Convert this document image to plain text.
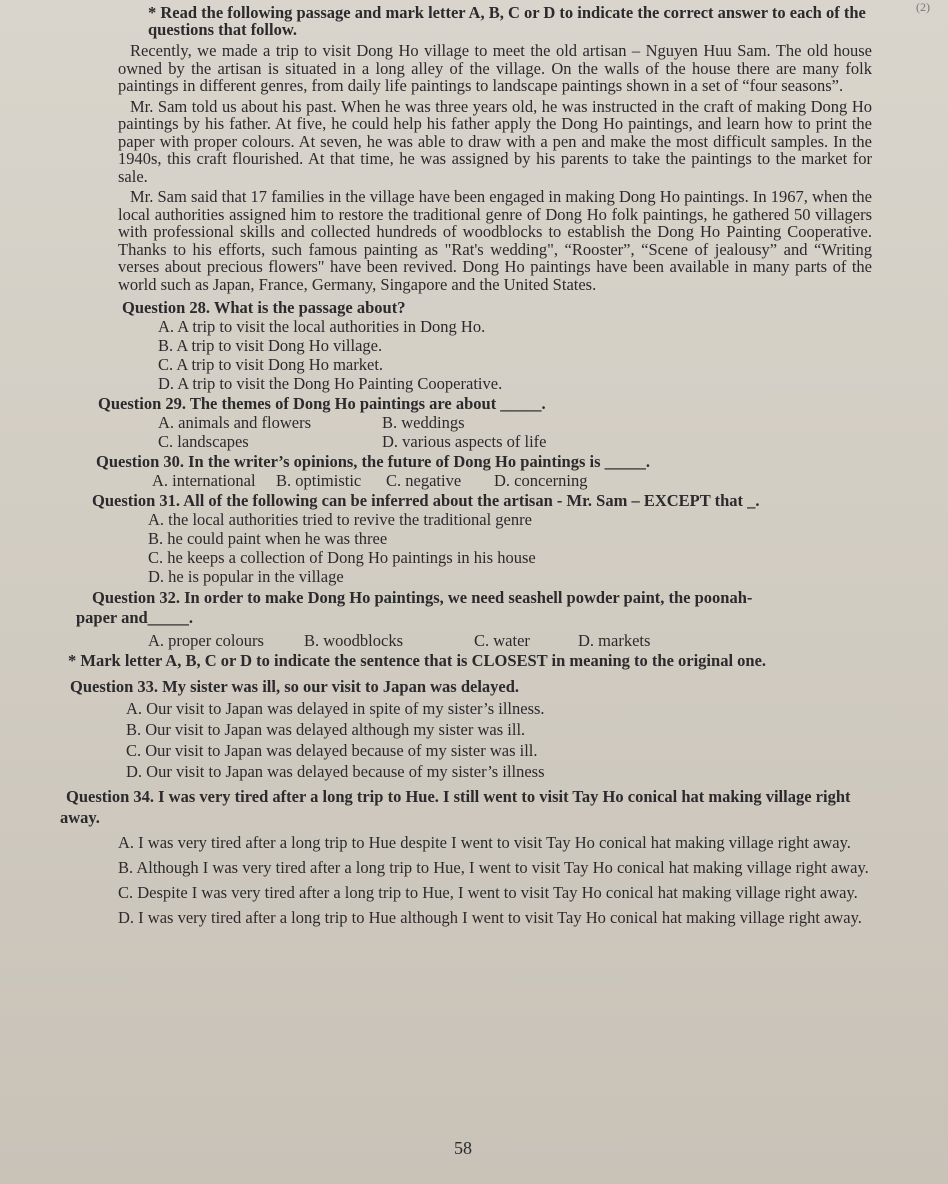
(2)
* Read the following passage and mark letter A, B, C or D to indicate the correct answer to each of the questions that follow.

Recently, we made a trip to visit Dong Ho village to meet the old artisan – Nguyen Huu Sam. The old house owned by the artisan is situated in a long alley of the village. On the walls of the house there are many folk paintings in different genres, from daily life paintings to landscape paintings shown in a set of “four seasons”.

Mr. Sam told us about his past. When he was three years old, he was instructed in the craft of making Dong Ho paintings by his father. At five, he could help his father apply the Dong Ho paintings, and learn how to print the paper with proper colours. At seven, he was able to draw with a pen and make the most difficult samples. In the 1940s, this craft flourished. At that time, he was assigned by his parents to take the paintings to the market for sale.

Mr. Sam said that 17 families in the village have been engaged in making Dong Ho paintings. In 1967, when the local authorities assigned him to restore the traditional genre of Dong Ho folk paintings, he gathered 50 villagers with professional skills and collected hundreds of woodblocks to establish the Dong Ho Painting Cooperative. Thanks to his efforts, such famous painting as "Rat's wedding", “Rooster”, “Scene of jealousy” and “Writing verses about precious flowers" have been revived. Dong Ho paintings have been available in many parts of the world such as Japan, France, Germany, Singapore and the United States.

Question 28. What is the passage about?
A. A trip to visit the local authorities in Dong Ho.
B. A trip to visit Dong Ho village.
C. A trip to visit Dong Ho market.
D. A trip to visit the Dong Ho Painting Cooperative.
Question 29. The themes of Dong Ho paintings are about _____.
A. animals and flowers	B. weddings
C. landscapes	D. various aspects of life
Question 30. In the writer’s opinions, the future of Dong Ho paintings is _____.
A. international	B. optimistic	C. negative	D. concerning
Question 31. All of the following can be inferred about the artisan - Mr. Sam – EXCEPT that _.
A. the local authorities tried to revive the traditional genre
B. he could paint when he was three
C. he keeps a collection of Dong Ho paintings in his house
D. he is popular in the village
Question 32. In order to make Dong Ho paintings, we need seashell powder paint, the poonah-
paper and_____.
A. proper colours	B. woodblocks	C. water	D. markets
* Mark letter A, B, C or D to indicate the sentence that is CLOSEST in meaning to the original one.
Question 33. My sister was ill, so our visit to Japan was delayed.
A. Our visit to Japan was delayed in spite of my sister’s illness.
B. Our visit to Japan was delayed although my sister was ill.
C. Our visit to Japan was delayed because of my sister was ill.
D. Our visit to Japan was delayed because of my sister’s illness
Question 34. I was very tired after a long trip to Hue. I still went to visit Tay Ho conical hat making village right away.
A. I was very tired after a long trip to Hue despite I went to visit Tay Ho conical hat making village right away.
B. Although I was very tired after a long trip to Hue, I went to visit Tay Ho conical hat making village right away.
C. Despite I was very tired after a long trip to Hue, I went to visit Tay Ho conical hat making village right away.
D. I was very tired after a long trip to Hue although I went to visit Tay Ho conical hat making village right away.
58
